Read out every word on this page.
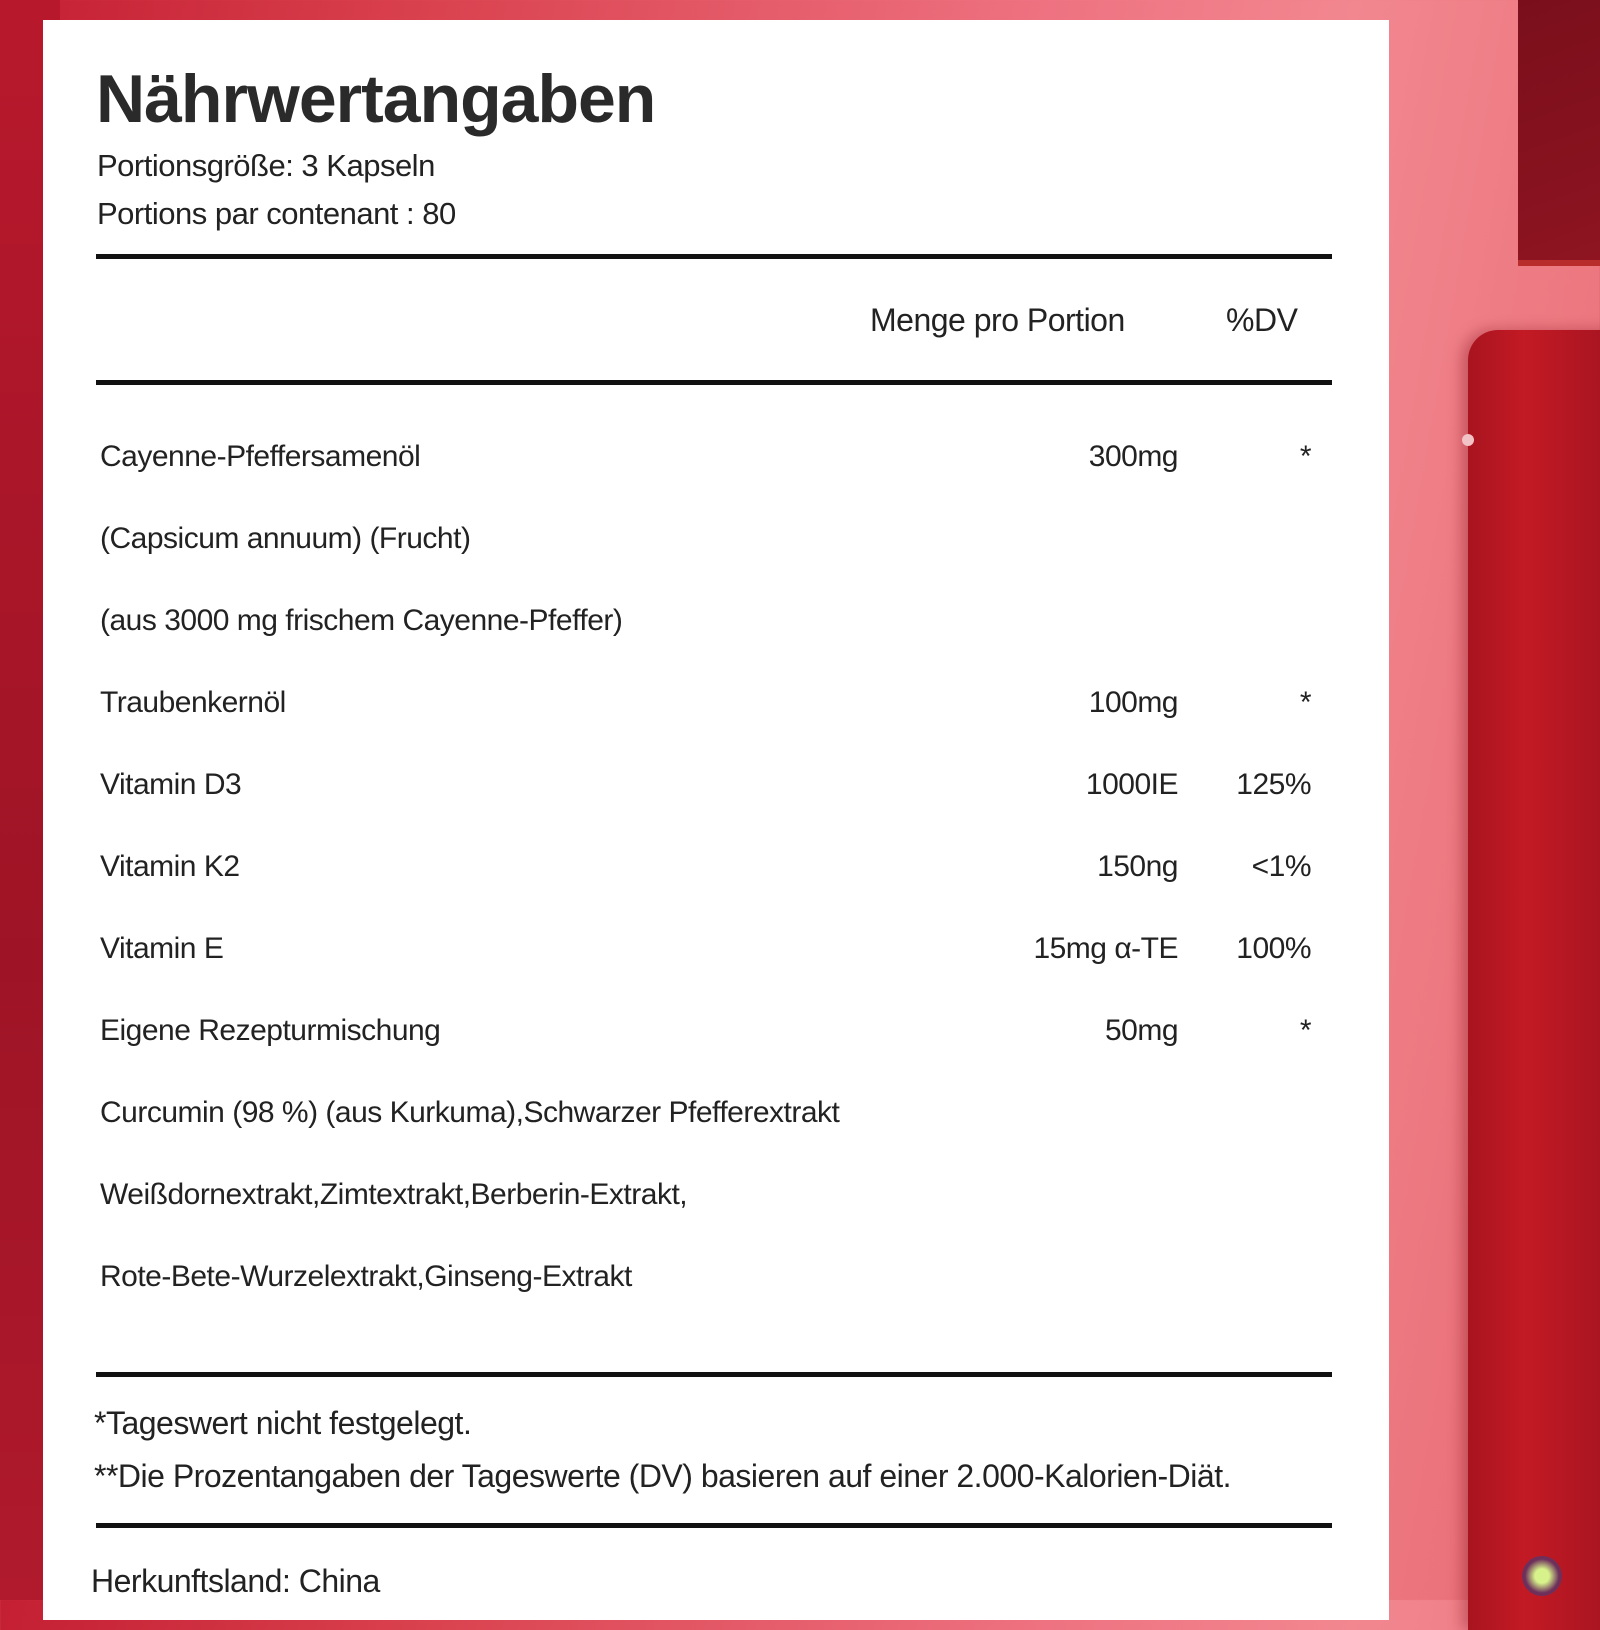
Nährwertangaben
Portionsgröße: 3 Kapseln
Portions par contenant : 80
Menge pro Portion	%DV
Cayenne-Pfeffersamenöl	300mg	*
(Capsicum annuum) (Frucht)
(aus 3000 mg frischem Cayenne-Pfeffer)
Traubenkernöl	100mg	*
Vitamin D3	1000IE 125%
Vitamin K2	150ng <1%
Vitamin E	15mg α-TE 100%
Eigene Rezepturmischung	50mg	*
Curcumin (98 %) (aus Kurkuma),Schwarzer Pfefferextrakt
Weißdornextrakt,Zimtextrakt,Berberin-Extrakt,
Rote-Bete-Wurzelextrakt,Ginseng-Extrakt
*Tageswert nicht festgelegt.
**Die Prozentangaben der Tageswerte (DV) basieren auf einer 2.000-Kalorien-Diät.
Herkunftsland: China
